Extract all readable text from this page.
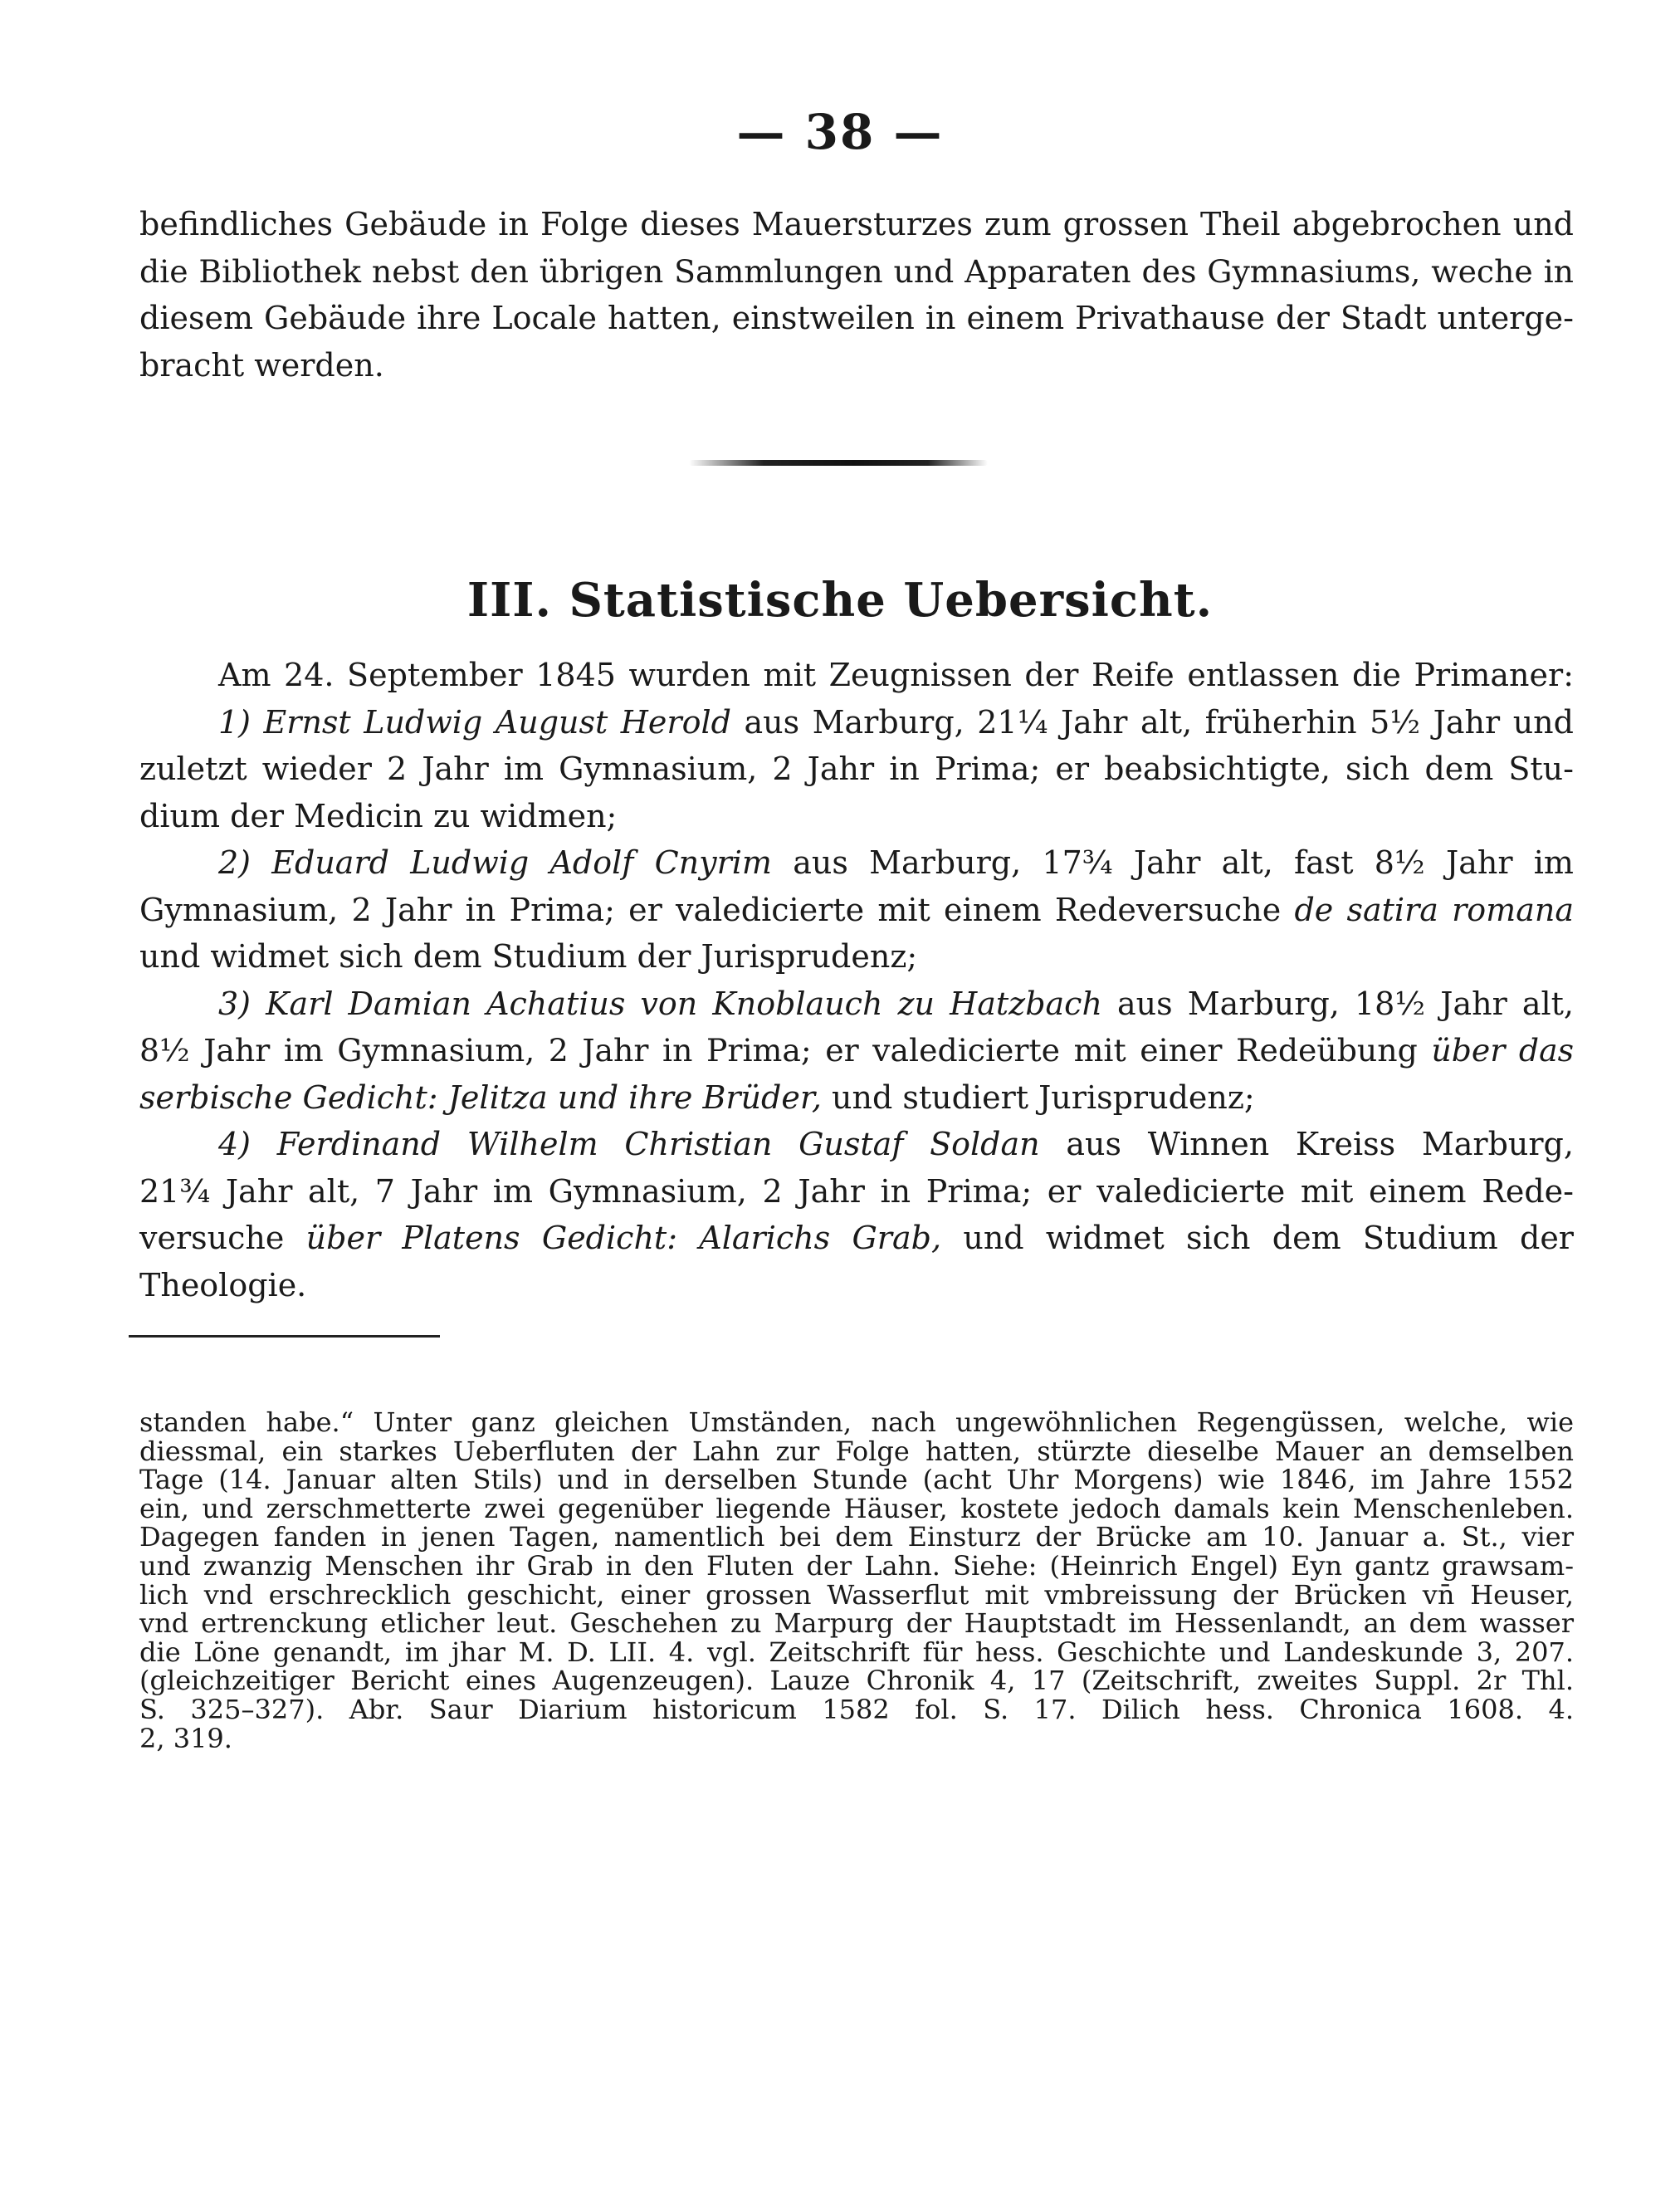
— 38 —
befindliches Gebäude in Folge dieses Mauersturzes zum grossen Theil abgebrochen und
die Bibliothek nebst den übrigen Sammlungen und Apparaten des Gymnasiums, weche in
diesem Gebäude ihre Locale hatten, einstweilen in einem Privathause der Stadt unterge-
bracht werden.
III. Statistische Uebersicht.
Am 24. September 1845 wurden mit Zeugnissen der Reife entlassen die Primaner:
1) Ernst Ludwig August Herold aus Marburg, 21¼ Jahr alt, früherhin 5½ Jahr und
zuletzt wieder 2 Jahr im Gymnasium, 2 Jahr in Prima; er beabsichtigte, sich dem Stu-
dium der Medicin zu widmen;
2) Eduard Ludwig Adolf Cnyrim aus Marburg, 17¾ Jahr alt, fast 8½ Jahr im
Gymnasium, 2 Jahr in Prima; er valedicierte mit einem Redeversuche de satira romana
und widmet sich dem Studium der Jurisprudenz;
3) Karl Damian Achatius von Knoblauch zu Hatzbach aus Marburg, 18½ Jahr alt,
8½ Jahr im Gymnasium, 2 Jahr in Prima; er valedicierte mit einer Redeübung über das
serbische Gedicht: Jelitza und ihre Brüder, und studiert Jurisprudenz;
4) Ferdinand Wilhelm Christian Gustaf Soldan aus Winnen Kreiss Marburg,
21¾ Jahr alt, 7 Jahr im Gymnasium, 2 Jahr in Prima; er valedicierte mit einem Rede-
versuche über Platens Gedicht: Alarichs Grab, und widmet sich dem Studium der
Theologie.
standen habe.“ Unter ganz gleichen Umständen, nach ungewöhnlichen Regengüssen, welche, wie
diessmal, ein starkes Ueberfluten der Lahn zur Folge hatten, stürzte dieselbe Mauer an demselben
Tage (14. Januar alten Stils) und in derselben Stunde (acht Uhr Morgens) wie 1846, im Jahre 1552
ein, und zerschmetterte zwei gegenüber liegende Häuser, kostete jedoch damals kein Menschenleben.
Dagegen fanden in jenen Tagen, namentlich bei dem Einsturz der Brücke am 10. Januar a. St., vier
und zwanzig Menschen ihr Grab in den Fluten der Lahn. Siehe: (Heinrich Engel) Eyn gantz grawsam-
lich vnd erschrecklich geschicht, einer grossen Wasserflut mit vmbreissung der Brücken vn̄ Heuser,
vnd ertrenckung etlicher leut. Geschehen zu Marpurg der Hauptstadt im Hessenlandt, an dem wasser
die Löne genandt, im jhar M. D. LII. 4. vgl. Zeitschrift für hess. Geschichte und Landeskunde 3, 207.
(gleichzeitiger Bericht eines Augenzeugen). Lauze Chronik 4, 17 (Zeitschrift, zweites Suppl. 2r Thl.
S. 325–327). Abr. Saur Diarium historicum 1582 fol. S. 17. Dilich hess. Chronica 1608. 4.
2, 319.
